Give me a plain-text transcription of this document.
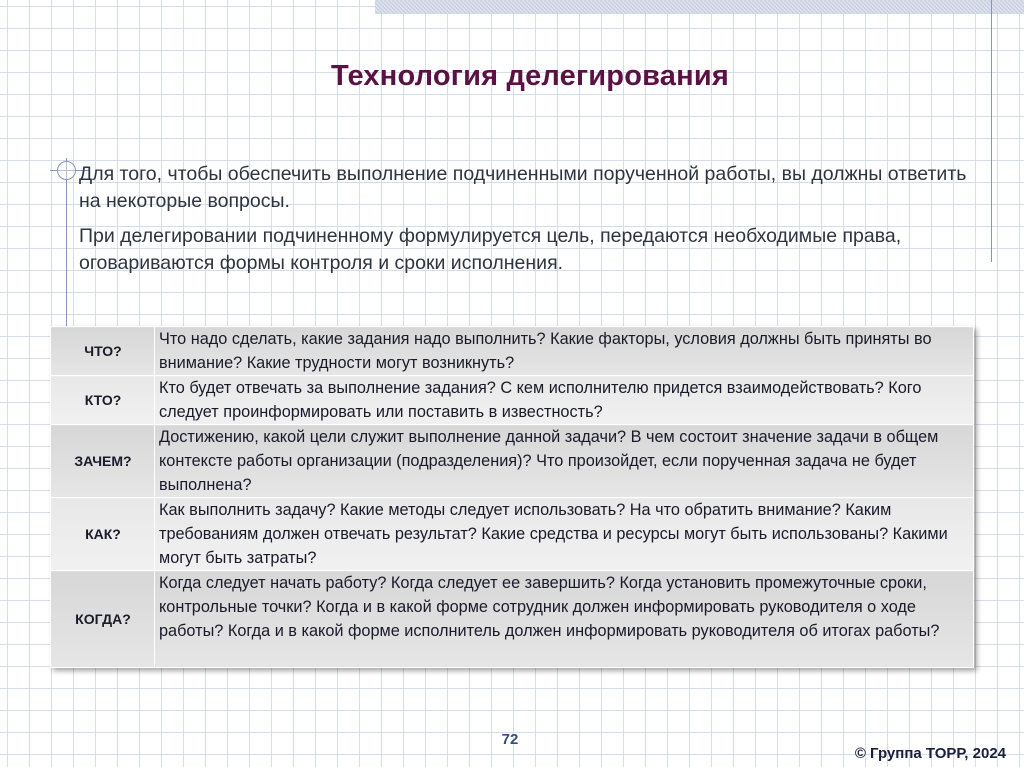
Технология делегирования

Для того, чтобы обеспечить выполнение подчиненными порученной работы, вы должны ответить на некоторые вопросы.

При делегировании подчиненному формулируется цель, передаются необходимые права, оговариваются формы контроля и сроки исполнения.

ЧТО?	Что надо сделать, какие задания надо выполнить? Какие факторы, условия должны быть приняты во внимание? Какие трудности могут возникнуть?
КТО?	Кто будет отвечать за выполнение задания? С кем исполнителю придется взаимодействовать? Кого следует проинформировать или поставить в известность?
ЗАЧЕМ?	Достижению, какой цели служит выполнение данной задачи? В чем состоит значение задачи в общем контексте работы организации (подразделения)? Что произойдет, если порученная задача не будет выполнена?
КАК?	Как выполнить задачу? Какие методы следует использовать? На что обратить внимание? Каким требованиям должен отвечать результат? Какие средства и ресурсы могут быть использованы? Какими могут быть затраты?
КОГДА?	Когда следует начать работу? Когда следует ее завершить? Когда установить промежуточные сроки, контрольные точки? Когда и в какой форме сотрудник должен информировать руководителя о ходе работы? Когда и в какой форме исполнитель должен информировать руководителя об итогах работы?
72
© Группа ТОРР, 2024
